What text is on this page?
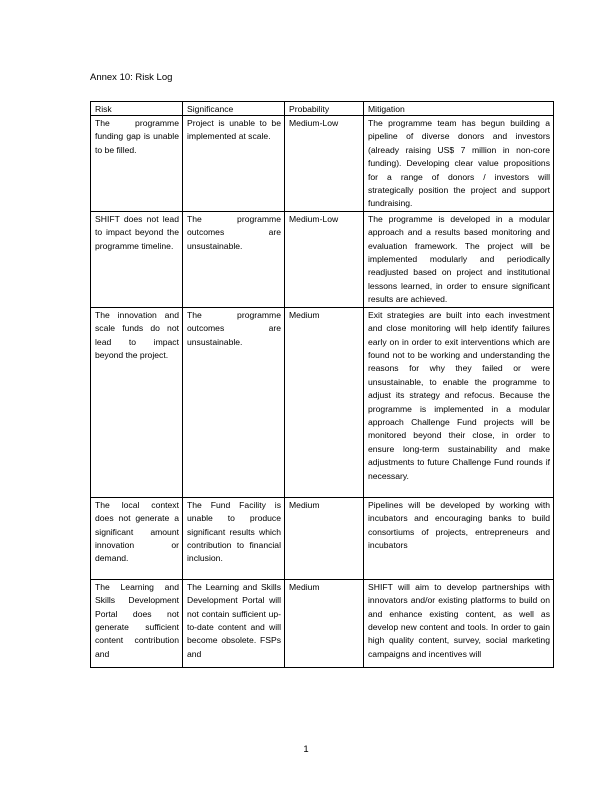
Annex 10: Risk Log
Risk	Significance	Probability	Mitigation
The programme funding gap is unable to be filled.	Project is unable to be implemented at scale.	Medium-Low	The programme team has begun building a pipeline of diverse donors and investors (already raising US$ 7 million in non-core funding). Developing clear value propositions for a range of donors / investors will strategically position the project and support fundraising.
SHIFT does not lead to impact beyond the programme timeline.	The programme outcomes are unsustainable.	Medium-Low	The programme is developed in a modular approach and a results based monitoring and evaluation framework. The project will be implemented modularly and periodically readjusted based on project and institutional lessons learned, in order to ensure significant results are achieved.
The innovation and scale funds do not lead to impact beyond the project.	The programme outcomes are unsustainable.	Medium	Exit strategies are built into each investment and close monitoring will help identify failures early on in order to exit interventions which are found not to be working and understanding the reasons for why they failed or were unsustainable, to enable the programme to adjust its strategy and refocus. Because the programme is implemented in a modular approach Challenge Fund projects will be monitored beyond their close, in order to ensure long-term sustainability and make adjustments to future Challenge Fund rounds if necessary.
The local context does not generate a significant amount innovation or demand.	The Fund Facility is unable to produce significant results which contribution to financial inclusion.	Medium	Pipelines will be developed by working with incubators and encouraging banks to build consortiums of projects, entrepreneurs and incubators
The Learning and Skills Development Portal does not generate sufficient content contribution and	The Learning and Skills Development Portal will not contain sufficient up-to-date content and will become obsolete. FSPs and	Medium	SHIFT will aim to develop partnerships with innovators and/or existing platforms to build on and enhance existing content, as well as develop new content and tools. In order to gain high quality content, survey, social marketing campaigns and incentives will
1
